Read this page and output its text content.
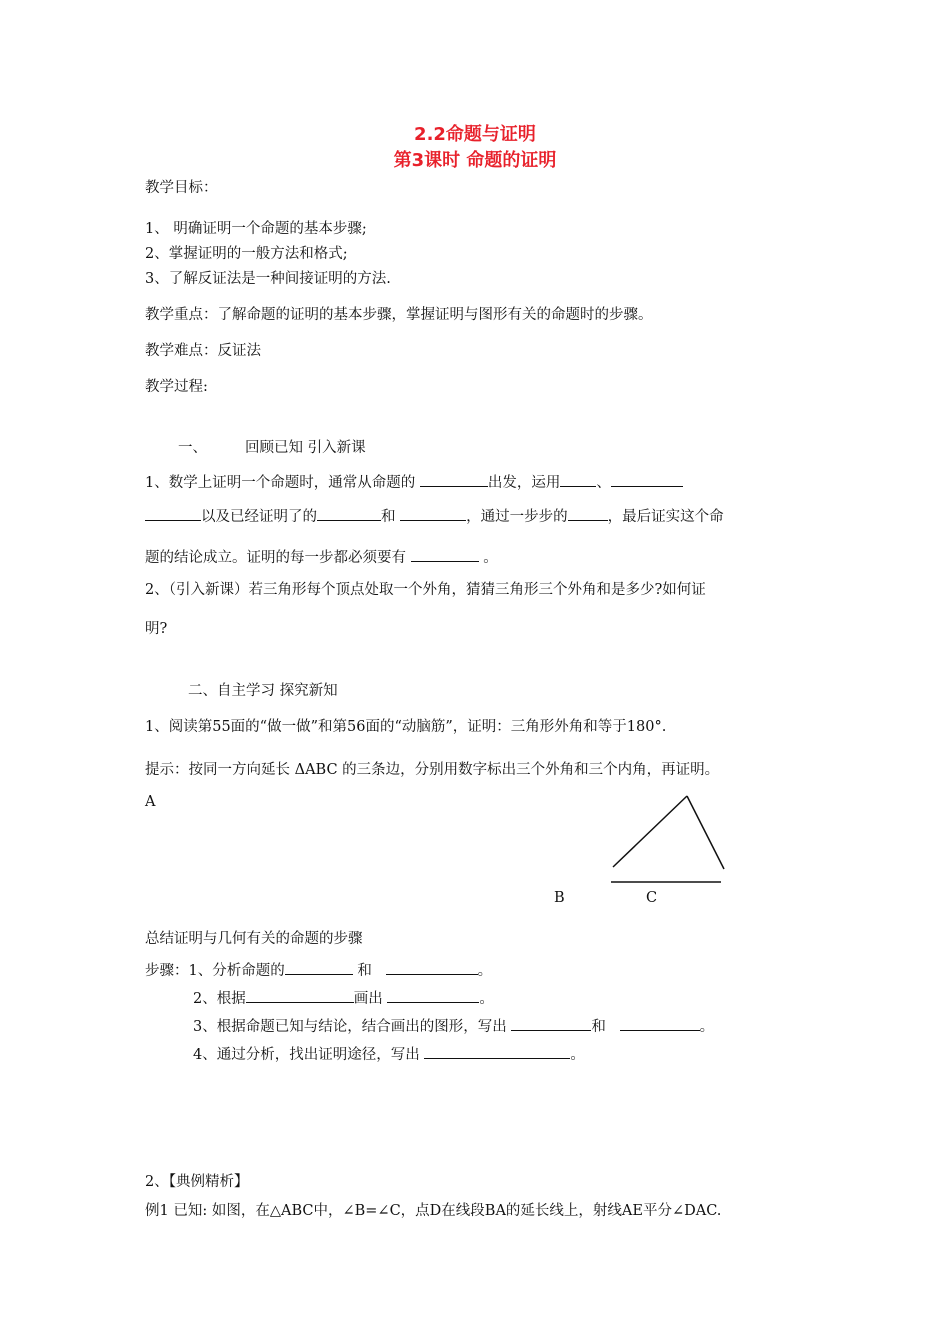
2.2命题与证明
第3课时 命题的证明
教学目标：
1、 明确证明一个命题的基本步骤;
2、掌握证明的一般方法和格式;
3、了解反证法是一种间接证明的方法.
教学重点：了解命题的证明的基本步骤，掌握证明与图形有关的命题时的步骤。
教学难点：反证法
教学过程:
一、	回顾已知 引入新课
1、数学上证明一个命题时，通常从命题的	出发，运用 、
以及已经证明了的	和	，通过一步步的	，最后证实这个命
题的结论成立。证明的每一步都必须要有	。
2、（引入新课）若三角形每个顶点处取一个外角，猜猜三角形三个外角和是多少?如何证
明?
二、自主学习 探究新知
1、阅读第55面的“做一做”和第56面的“动脑筋”，证明：三角形外角和等于180°.
提示：按同一方向延长 ΔABC 的三条边，分别用数字标出三个外角和三个内角，再证明。
A
B	C
总结证明与几何有关的命题的步骤
步骤：1、分析命题的	和	。
2、根据	画出	。
3、根据命题已知与结论，结合画出的图形，写出	和	。
4、通过分析，找出证明途径，写出	。
2、【典例精析】
例1 已知: 如图，在△ABC中，∠B=∠C，点D在线段BA的延长线上，射线AE平分∠DAC.
